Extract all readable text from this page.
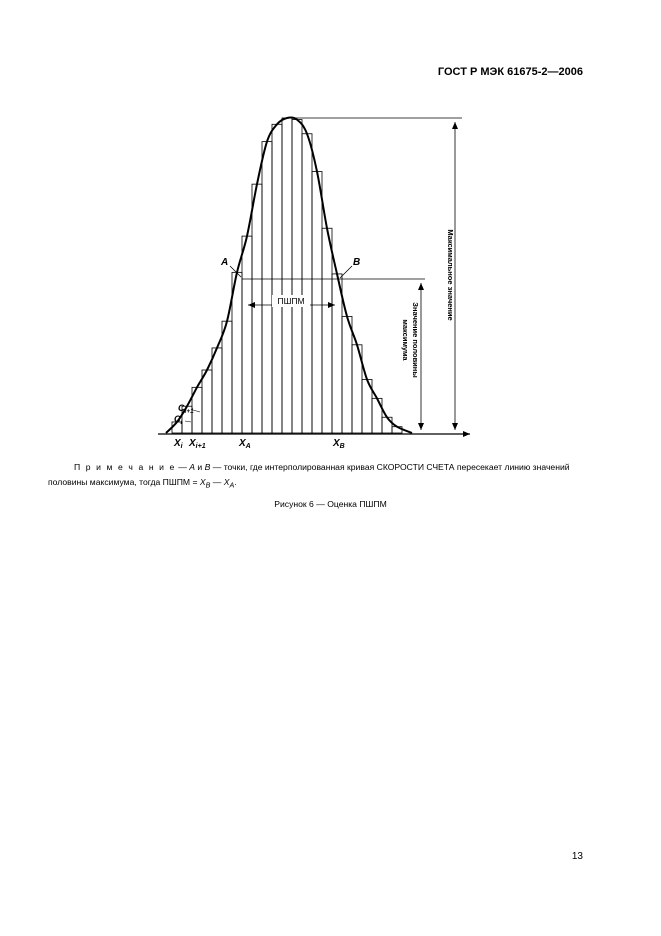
ГОСТ Р МЭК 61675-2—2006
ПШПМ
A	B
$C_{i+1}$
$C_i$
$X_i$ $X_{i+1}$	$X_A$	$X_B$
Максимальное значение
Значение половины
максимума

П р и м е ч а н и е — A и B — точки, где интерполированная кривая СКОРОСТИ СЧЕТА пересекает линию значений половины максимума, тогда ПШПМ = $X_B$ — $X_A$.

Рисунок 6 — Оценка ПШПМ
13
